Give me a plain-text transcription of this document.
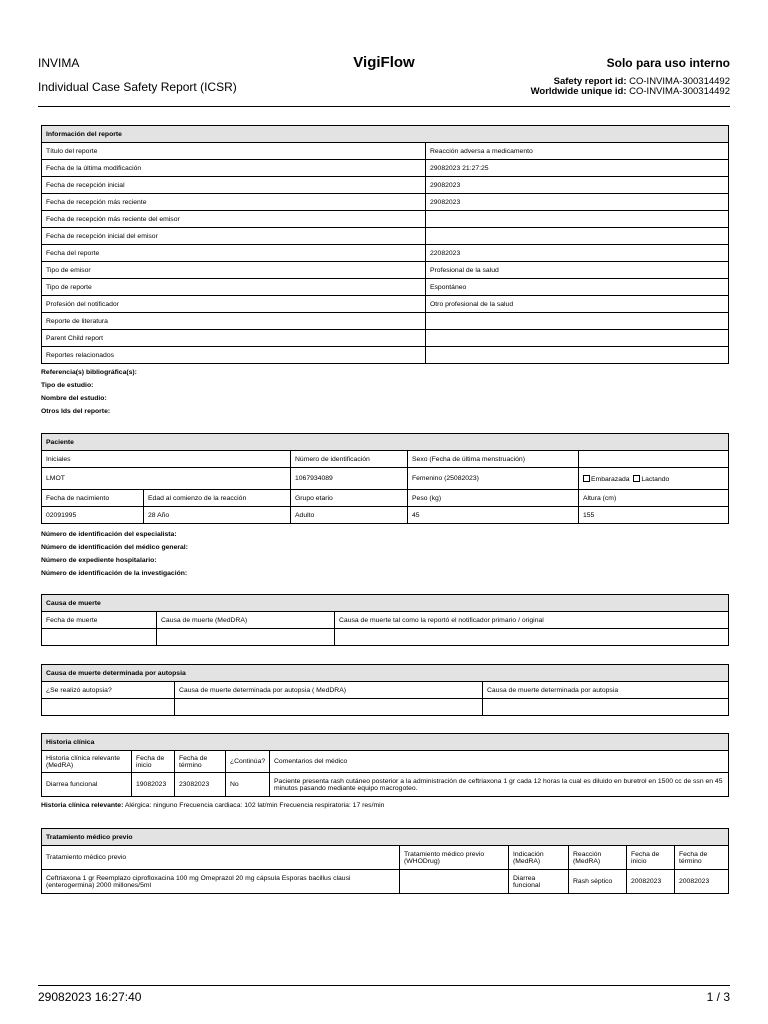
INVIMA
Individual Case Safety Report (ICSR)
VigiFlow	Solo para uso interno
Safety report id: CO-INVIMA-300314492
Worldwide unique id: CO-INVIMA-300314492
Información del reporte	
Título del reporte	Reacción adversa a medicamento
Fecha de la última modificación	29082023 21:27:25
Fecha de recepción inicial	29082023
Fecha de recepción más reciente	29082023
Fecha de recepción más reciente del emisor	
Fecha de recepción inicial del emisor	
Fecha del reporte	22082023
Tipo de emisor	Profesional de la salud
Tipo de reporte	Espontáneo
Profesión del notificador	Otro profesional de la salud
Reporte de literatura	
Parent Child report	
Reportes relacionados	
Referencia(s) bibliográfica(s):
Tipo de estudio:
Nombre del estudio:
Otros Ids del reporte:
Paciente				
Iniciales		Número de identificación	Sexo (Fecha de última menstruación)	
LMOT		1067934089	Femenino (25082023)	Embarazada Lactando
Fecha de nacimiento	Edad al comienzo de la reacción	Grupo etario	Peso (kg)	Altura (cm)
02091995	28 Año	Adulto	45	155
Número de identificación del especialista:
Número de identificación del médico general:
Número de expediente hospitalario:
Número de identificación de la investigación:
Causa de muerte		
Fecha de muerte	Causa de muerte (MedDRA)	Causa de muerte tal como la reportó el notificador primario / original

Causa de muerte determinada por autopsia		
¿Se realizó autopsia?	Causa de muerte determinada por autopsia ( MedDRA)	Causa de muerte determinada por autopsia

Historia clínica				
Historia clínica relevante (MedRA)	Fecha de inicio	Fecha de término	¿Continúa?	Comentarios del médico
Diarrea funcional	19082023	23082023	No	Paciente presenta rash cutáneo posterior a la administración de ceftriaxona 1 gr cada 12 horas la cual es diluido en buretrol en 1500 cc de ssn en 45 minutos pasando mediante equipo macrogoteo.
Historia clínica relevante: Alérgica: ninguno Frecuencia cardiaca: 102 lat/min Frecuencia respiratoria: 17 res/min
Tratamiento médico previo					
Tratamiento médico previo	Tratamiento médico previo (WHODrug)	Indicación (MedRA)	Reacción (MedRA)	Fecha de inicio	Fecha de término
Ceftriaxona 1 gr Reemplazo ciprofloxacina 100 mg Omeprazol 20 mg cápsula Esporas bacillus clausi (enterogermina) 2000 millones/5ml		Diarrea funcional	Rash séptico	20082023	20082023
29082023 16:27:40	1 / 3
